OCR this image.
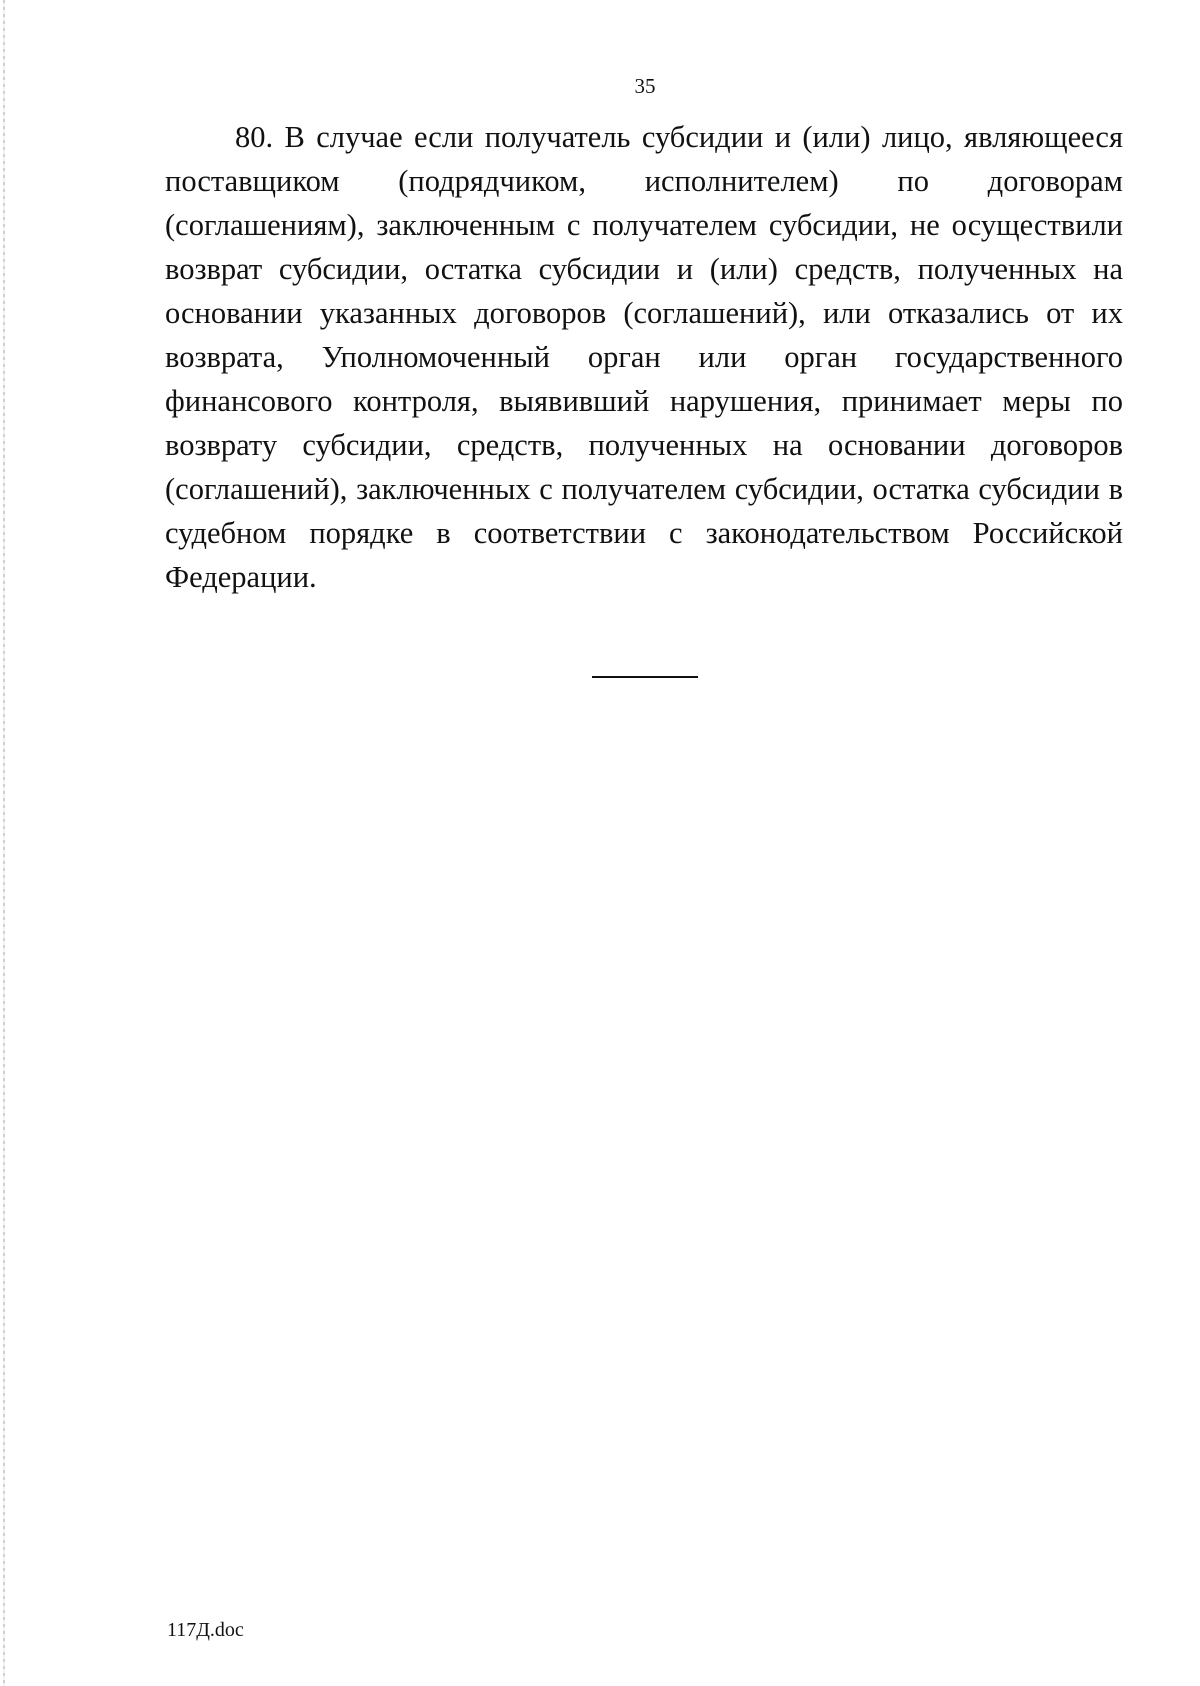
35

80. В случае если получатель субсидии и (или) лицо, являющееся поставщиком (подрядчиком, исполнителем) по договорам (соглашениям), заключенным с получателем субсидии, не осуществили возврат субсидии, остатка субсидии и (или) средств, полученных на основании указанных договоров (соглашений), или отказались от их возврата, Уполномоченный орган или орган государственного финансового контроля, выявивший нарушения, принимает меры по возврату субсидии, средств, полученных на основании договоров (соглашений), заключенных с получателем субсидии, остатка субсидии в судебном порядке в соответствии с законодательством Российской Федерации.

117Д.doc
